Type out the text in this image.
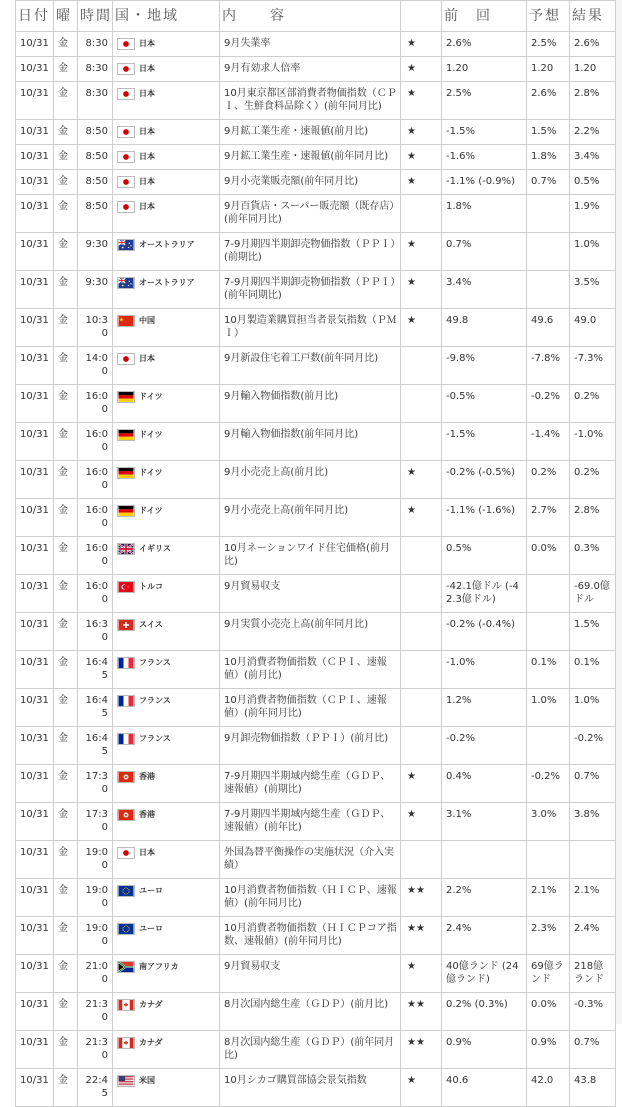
日付	曜	時間	国・地域	内　　容		前　回	予想	結果
10/31	金	8:30	日本	9月失業率	★	2.6%	2.5%	2.6%
10/31	金	8:30	日本	9月有効求人倍率	★	1.20	1.20	1.20
10/31	金	8:30	日本	10月東京都区部消費者物価指数（ＣＰＩ、生鮮食料品除く）(前年同月比)	★	2.5%	2.6%	2.8%
10/31	金	8:50	日本	9月鉱工業生産・速報値(前月比)	★	-1.5%	1.5%	2.2%
10/31	金	8:50	日本	9月鉱工業生産・速報値(前年同月比)	★	-1.6%	1.8%	3.4%
10/31	金	8:50	日本	9月小売業販売額(前年同月比)	★	-1.1% (-0.9%)	0.7%	0.5%
10/31	金	8:50	日本	9月百貨店・スーパー販売額（既存店）(前年同月比)		1.8%		1.9%
10/31	金	9:30	オーストラリア	7-9月期四半期卸売物価指数（ＰＰＩ）(前期比)	★	0.7%		1.0%
10/31	金	9:30	オーストラリア	7-9月期四半期卸売物価指数（ＰＰＩ）(前年同期比)	★	3.4%		3.5%
10/31	金	10:30	中国	10月製造業購買担当者景気指数（ＰＭＩ）	★	49.8	49.6	49.0
10/31	金	14:00	日本	9月新設住宅着工戸数(前年同月比)		-9.8%	-7.8%	-7.3%
10/31	金	16:00	ドイツ	9月輸入物価指数(前月比)		-0.5%	-0.2%	0.2%
10/31	金	16:00	ドイツ	9月輸入物価指数(前年同月比)		-1.5%	-1.4%	-1.0%
10/31	金	16:00	ドイツ	9月小売売上高(前月比)	★	-0.2% (-0.5%)	0.2%	0.2%
10/31	金	16:00	ドイツ	9月小売売上高(前年同月比)	★	-1.1% (-1.6%)	2.7%	2.8%
10/31	金	16:00	イギリス	10月ネーションワイド住宅価格(前月比)		0.5%	0.0%	0.3%
10/31	金	16:00	トルコ	9月貿易収支		-42.1億ドル (-42.3億ドル)		-69.0億ドル
10/31	金	16:30	スイス	9月実質小売売上高(前年同月比)		-0.2% (-0.4%)		1.5%
10/31	金	16:45	フランス	10月消費者物価指数（ＣＰＩ、速報値）(前月比)		-1.0%	0.1%	0.1%
10/31	金	16:45	フランス	10月消費者物価指数（ＣＰＩ、速報値）(前年同月比)		1.2%	1.0%	1.0%
10/31	金	16:45	フランス	9月卸売物価指数（ＰＰＩ）(前月比)		-0.2%		-0.2%
10/31	金	17:30	香港	7-9月期四半期域内総生産（ＧＤＰ、速報値）(前期比)	★	0.4%	-0.2%	0.7%
10/31	金	17:30	香港	7-9月期四半期域内総生産（ＧＤＰ、速報値）(前年比)	★	3.1%	3.0%	3.8%
10/31	金	19:00	日本	外国為替平衡操作の実施状況（介入実績）				
10/31	金	19:00	ユーロ	10月消費者物価指数（ＨＩＣＰ、速報値）(前年同月比)	★★	2.2%	2.1%	2.1%
10/31	金	19:00	ユーロ	10月消費者物価指数（ＨＩＣＰコア指数、速報値）(前年同月比)	★★	2.4%	2.3%	2.4%
10/31	金	21:00	南アフリカ	9月貿易収支	★	40億ランド (24億ランド)	69億ランド	218億ランド
10/31	金	21:30	カナダ	8月次国内総生産（ＧＤＰ）(前月比)	★★	0.2% (0.3%)	0.0%	-0.3%
10/31	金	21:30	カナダ	8月次国内総生産（ＧＤＰ）(前年同月比)	★★	0.9%	0.9%	0.7%
10/31	金	22:45	米国	10月シカゴ購買部協会景気指数	★	40.6	42.0	43.8
